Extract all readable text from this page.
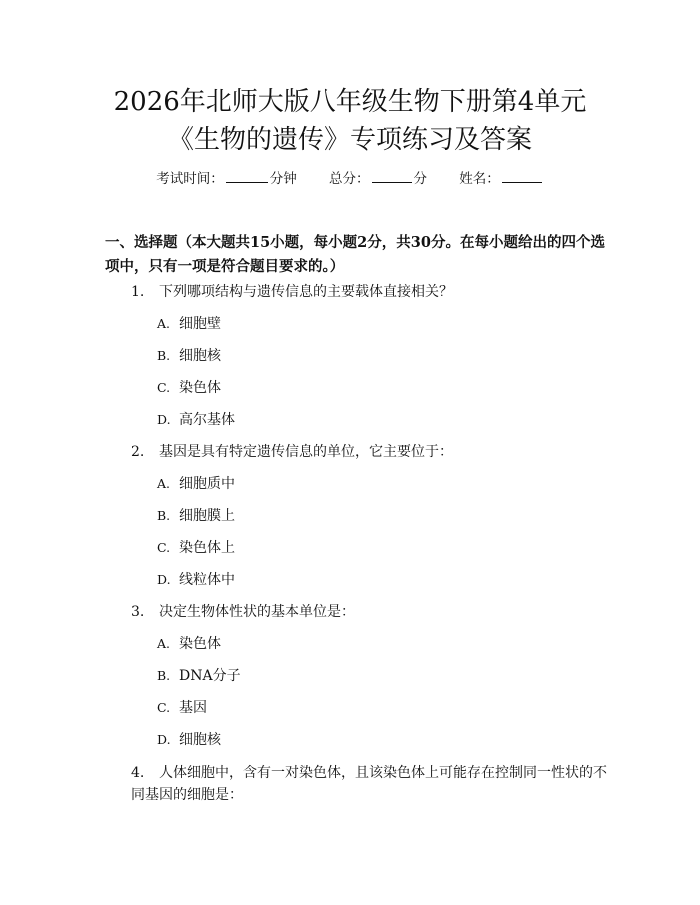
2026年北师大版八年级生物下册第4单元
《生物的遗传》专项练习及答案
考试时间：	分钟 总分：	分 姓名：
一、选择题（本大题共15小题，每小题2分，共30分。在每小题给出的四个选项中，只有一项是符合题目要求的。）
1. 下列哪项结构与遗传信息的主要载体直接相关？
A. 细胞壁
B. 细胞核
C. 染色体
D. 高尔基体
2. 基因是具有特定遗传信息的单位，它主要位于：
A. 细胞质中
B. 细胞膜上
C. 染色体上
D. 线粒体中
3. 决定生物体性状的基本单位是：
A. 染色体
B. DNA分子
C. 基因
D. 细胞核
4. 人体细胞中，含有一对染色体，且该染色体上可能存在控制同一性状的不
同基因的细胞是：
